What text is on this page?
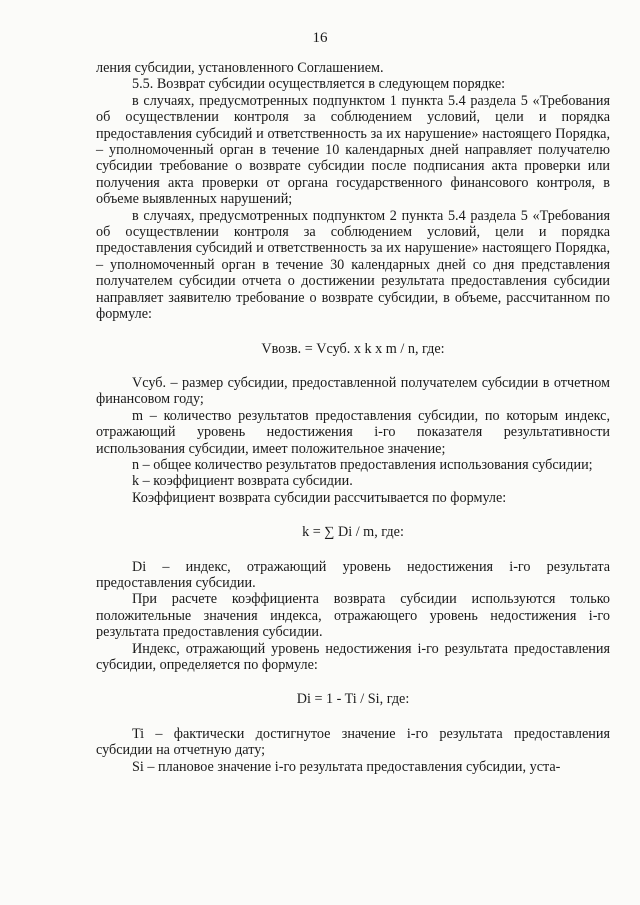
16

ления субсидии, установленного Соглашением.

5.5. Возврат субсидии осуществляется в следующем порядке:

в случаях, предусмотренных подпунктом 1 пункта 5.4 раздела 5 «Требования об осуществлении контроля за соблюдением условий, цели и порядка предоставления субсидий и ответственность за их нарушение» настоящего Порядка, – уполномоченный орган в течение 10 календарных дней направляет получателю субсидии требование о возврате субсидии после подписания акта проверки или получения акта проверки от органа государственного финансового контроля, в объеме выявленных нарушений;

в случаях, предусмотренных подпунктом 2 пункта 5.4 раздела 5 «Требования об осуществлении контроля за соблюдением условий, цели и порядка предоставления субсидий и ответственность за их нарушение» настоящего Порядка, – уполномоченный орган в течение 30 календарных дней со дня представления получателем субсидии отчета о достижении результата предоставления субсидии направляет заявителю требование о возврате субсидии, в объеме, рассчитанном по формуле:

Vвозв. = Vсуб. x k x m / n, где:

Vсуб. – размер субсидии, предоставленной получателем субсидии в отчетном финансовом году;

m – количество результатов предоставления субсидии, по которым индекс, отражающий уровень недостижения i-го показателя результативности использования субсидии, имеет положительное значение;

n – общее количество результатов предоставления использования субсидии;

k – коэффициент возврата субсидии.

Коэффициент возврата субсидии рассчитывается по формуле:

k = ∑ Di / m, где:

Di – индекс, отражающий уровень недостижения i-го результата предоставления субсидии.

При расчете коэффициента возврата субсидии используются только положительные значения индекса, отражающего уровень недостижения i-го результата предоставления субсидии.

Индекс, отражающий уровень недостижения i-го результата предоставления субсидии, определяется по формуле:

Di = 1 - Ti / Si, где:

Ti – фактически достигнутое значение i-го результата предоставления субсидии на отчетную дату;

Si – плановое значение i-го результата предоставления субсидии, уста-
